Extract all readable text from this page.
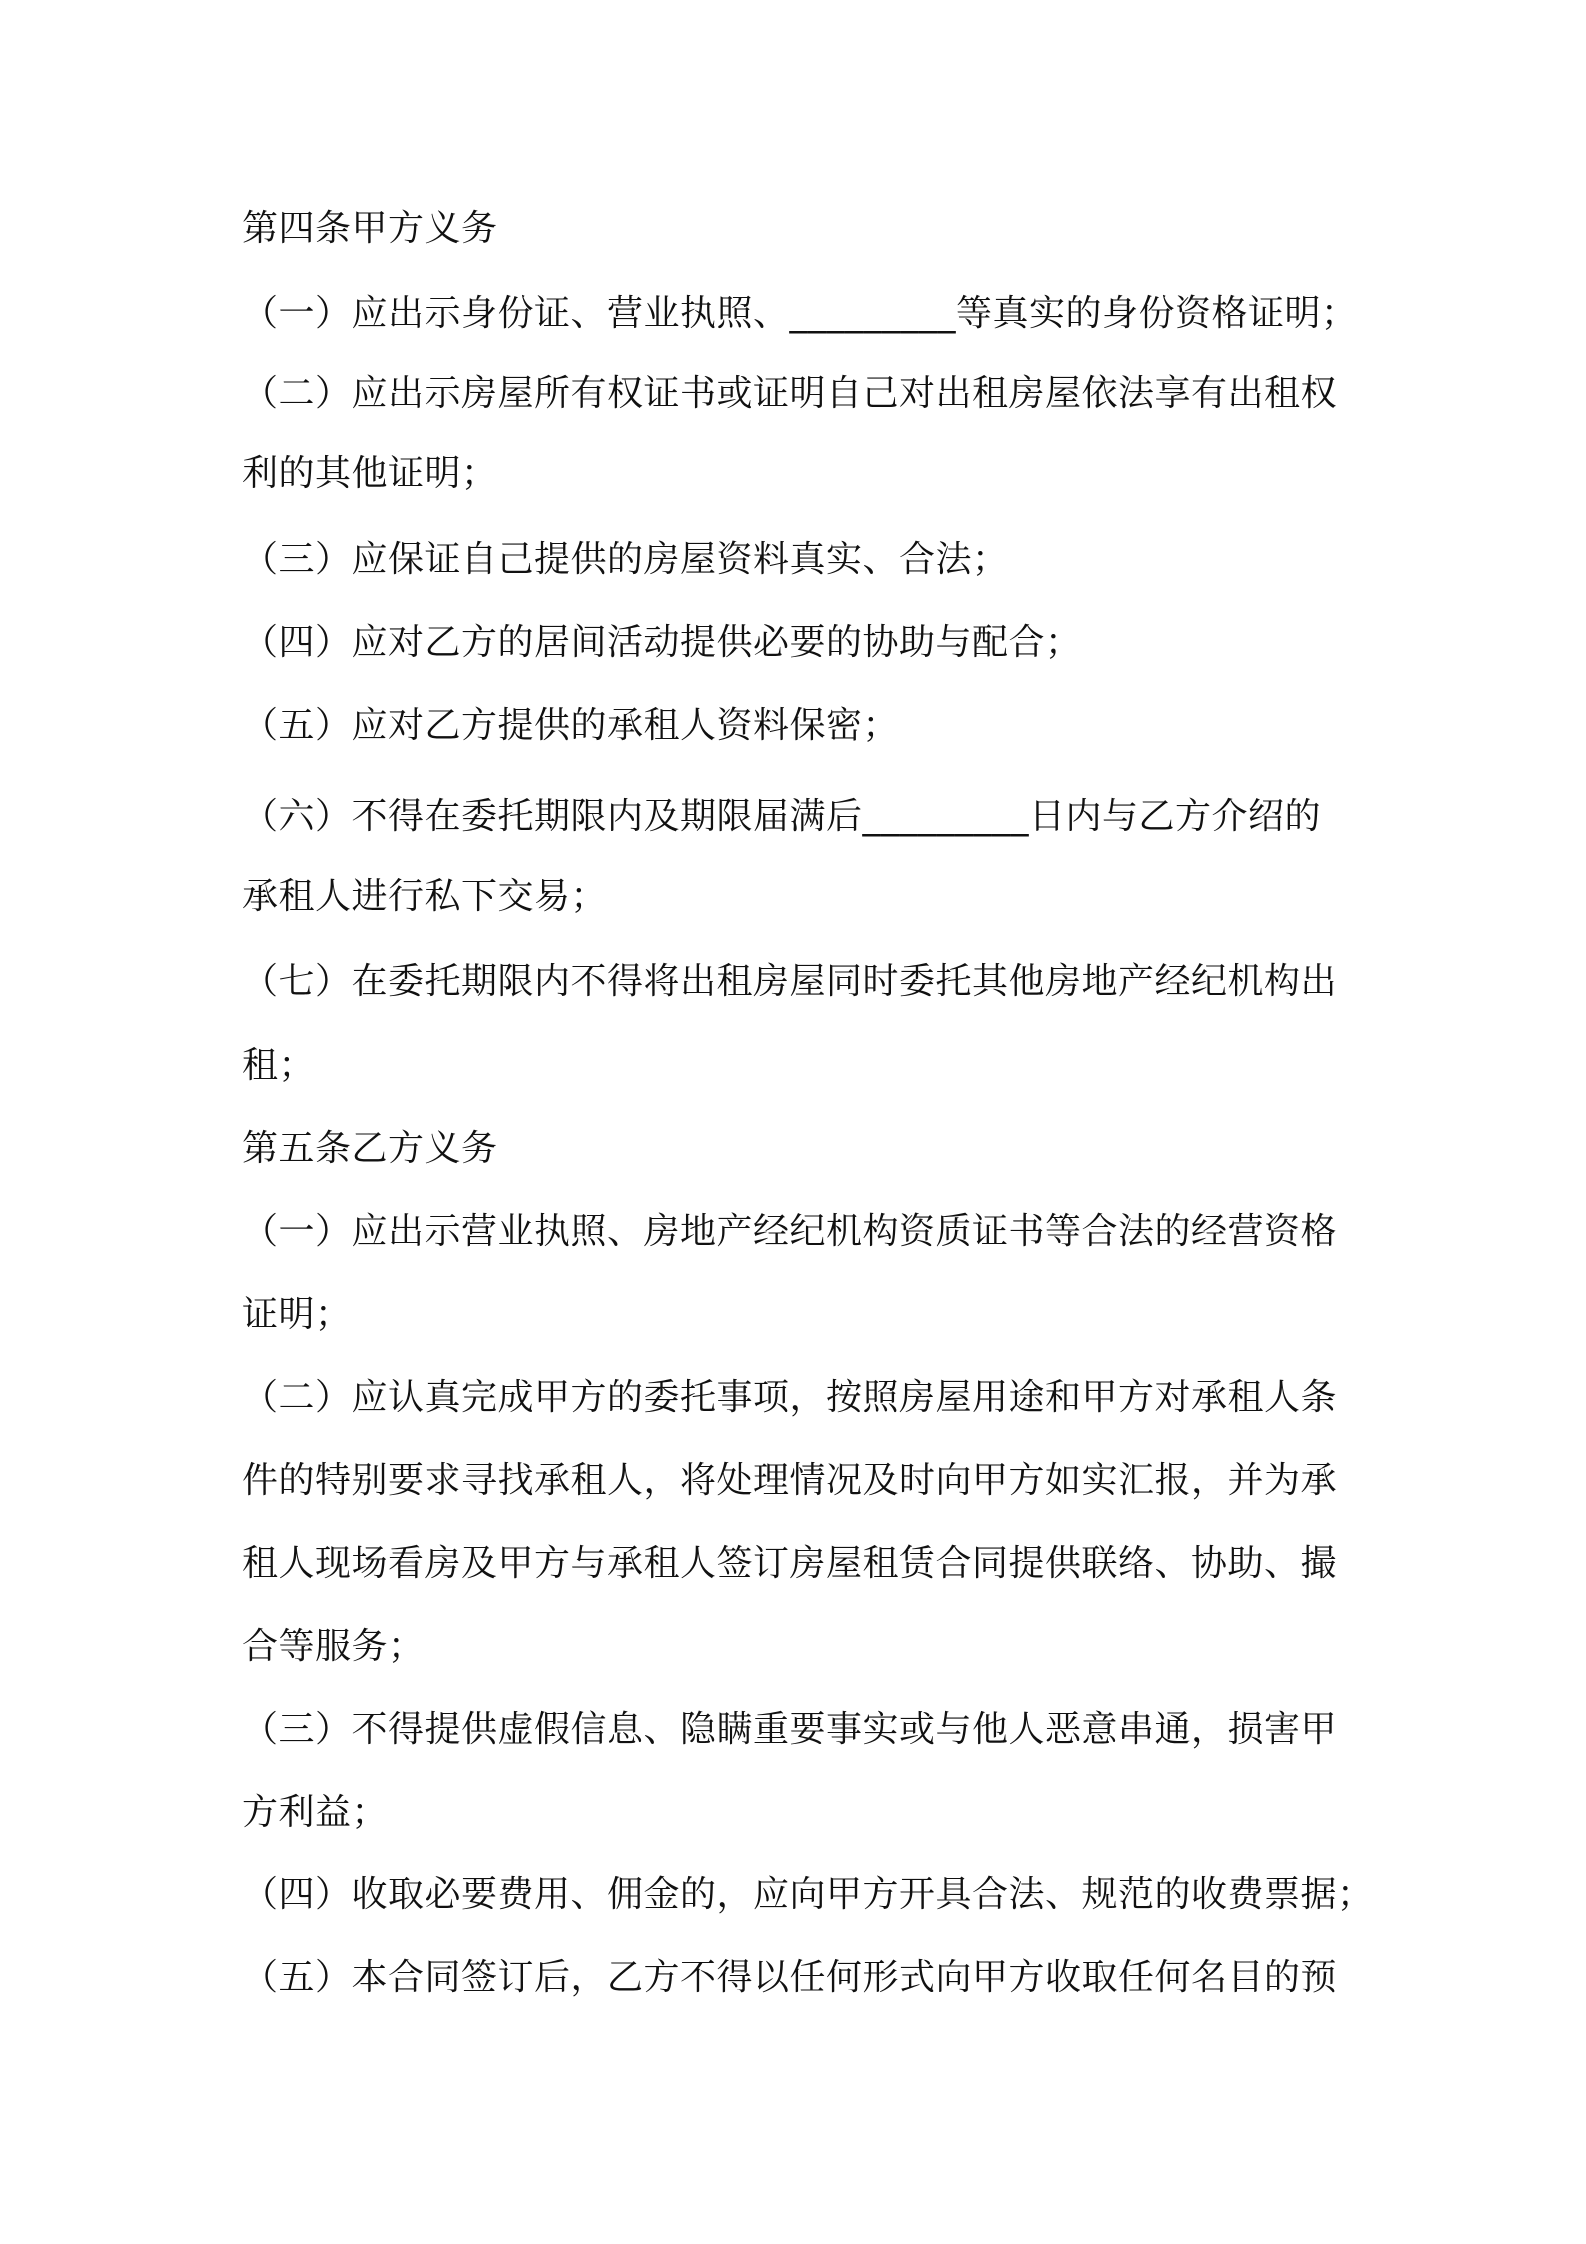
第四条甲方义务
（一）应出示身份证、营业执照、_________等真实的身份资格证明；
（二）应出示房屋所有权证书或证明自己对出租房屋依法享有出租权
利的其他证明；
（三）应保证自己提供的房屋资料真实、合法；
（四）应对乙方的居间活动提供必要的协助与配合；
（五）应对乙方提供的承租人资料保密；
（六）不得在委托期限内及期限届满后_________日内与乙方介绍的
承租人进行私下交易；
（七）在委托期限内不得将出租房屋同时委托其他房地产经纪机构出
租；
第五条乙方义务
（一）应出示营业执照、房地产经纪机构资质证书等合法的经营资格
证明；
（二）应认真完成甲方的委托事项，按照房屋用途和甲方对承租人条
件的特别要求寻找承租人，将处理情况及时向甲方如实汇报，并为承
租人现场看房及甲方与承租人签订房屋租赁合同提供联络、协助、撮
合等服务；
（三）不得提供虚假信息、隐瞒重要事实或与他人恶意串通，损害甲
方利益；
（四）收取必要费用、佣金的，应向甲方开具合法、规范的收费票据；
（五）本合同签订后，乙方不得以任何形式向甲方收取任何名目的预
